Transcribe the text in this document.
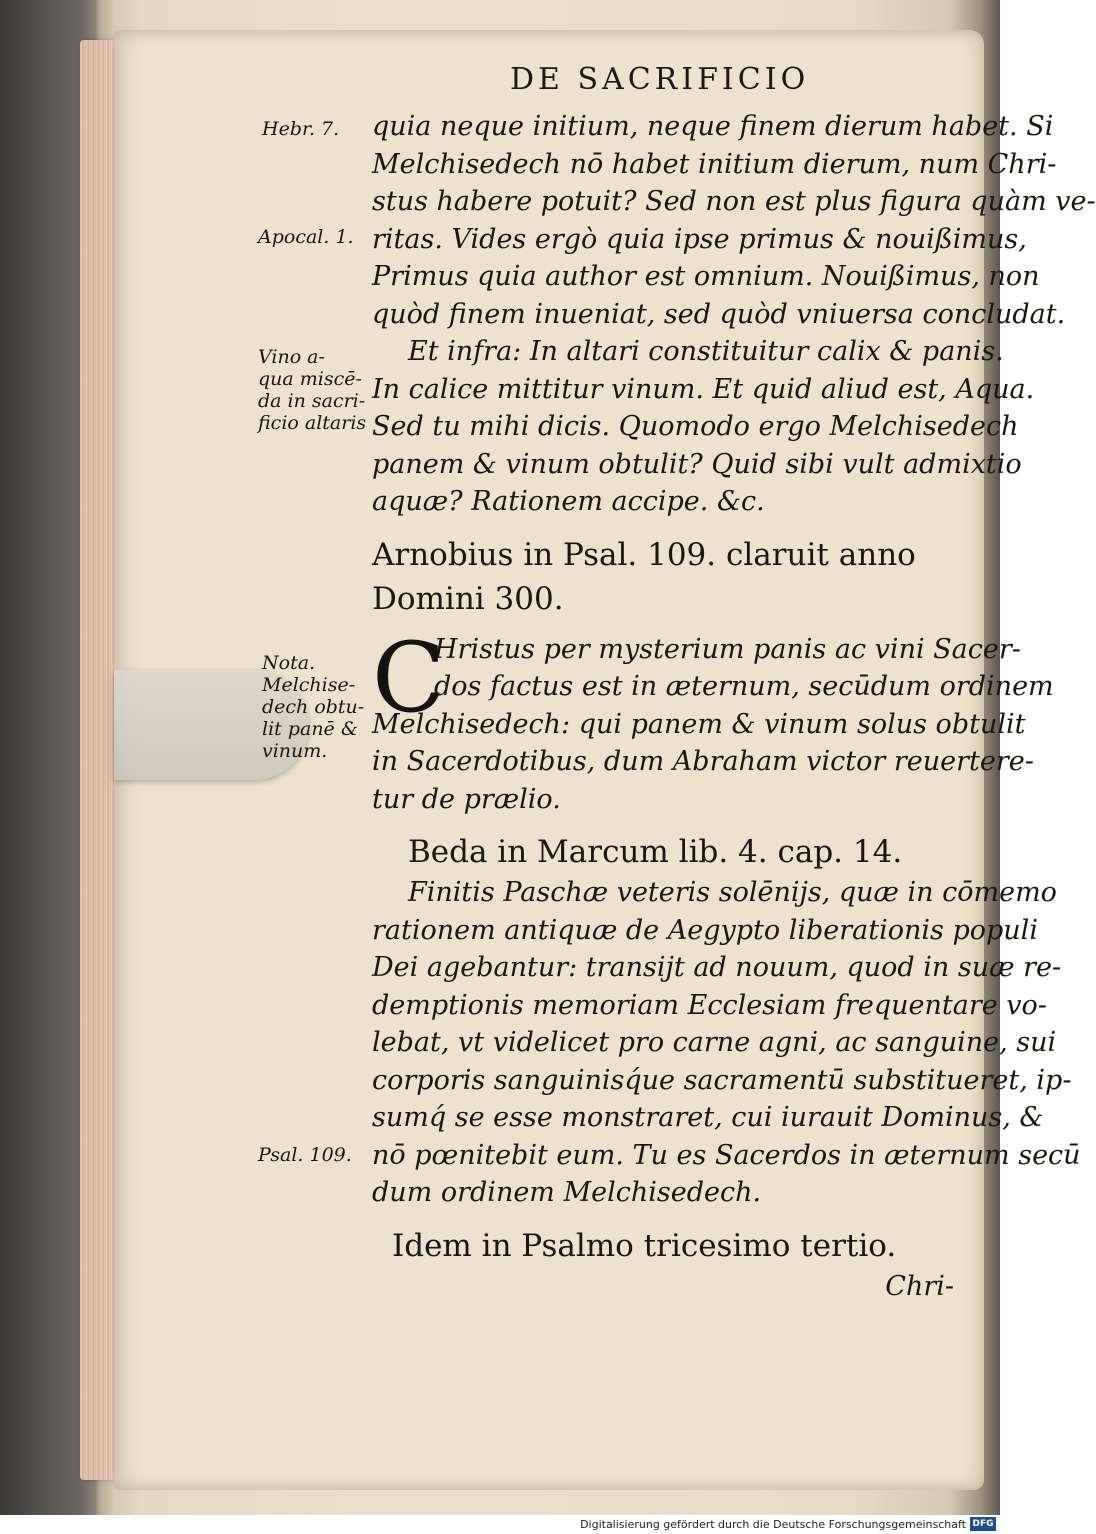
DE SACRIFICIO
Hebr. 7.
Apocal. 1.
Vino a-
qua miscē-
da in sacri-
ficio altaris
Nota.
Melchise-
dech obtu-
lit panē &
vinum.
Psal. 109.
quia neque initium, neque finem dierum habet. Si
Melchisedech nō habet initium dierum, num Chri-
stus habere potuit? Sed non est plus figura quàm ve-
ritas. Vides ergò quia ipse primus & nouißimus,
Primus quia author est omnium. Nouißimus, non
quòd finem inueniat, sed quòd vniuersa concludat.
Et infra: In altari constituitur calix & panis.
In calice mittitur vinum. Et quid aliud est, Aqua.
Sed tu mihi dicis. Quomodo ergo Melchisedech
panem & vinum obtulit? Quid sibi vult admixtio
aquæ? Rationem accipe. &c.
Arnobius in Psal. 109. claruit anno
Domini 300.
Hristus per mysterium panis ac vini Sacer-
dos factus est in æternum, secūdum ordinem
Melchisedech: qui panem & vinum solus obtulit
in Sacerdotibus, dum Abraham victor reuertere-
tur de prælio.
Beda in Marcum lib. 4. cap. 14.
Finitis Paschæ veteris solēnijs, quæ in cōmemo
rationem antiquæ de Aegypto liberationis populi
Dei agebantur: transijt ad nouum, quod in suæ re-
demptionis memoriam Ecclesiam frequentare vo-
lebat, vt videlicet pro carne agni, ac sanguine, sui
corporis sanguinisq́ue sacramentū substitueret, ip-
sumq́ se esse monstraret, cui iurauit Dominus, &
nō pœnitebit eum. Tu es Sacerdos in æternum secū
dum ordinem Melchisedech.
Idem in Psalmo tricesimo tertio.
Chri-
C
Digitalisierung gefördert durch die Deutsche Forschungsgemeinschaft DFG
